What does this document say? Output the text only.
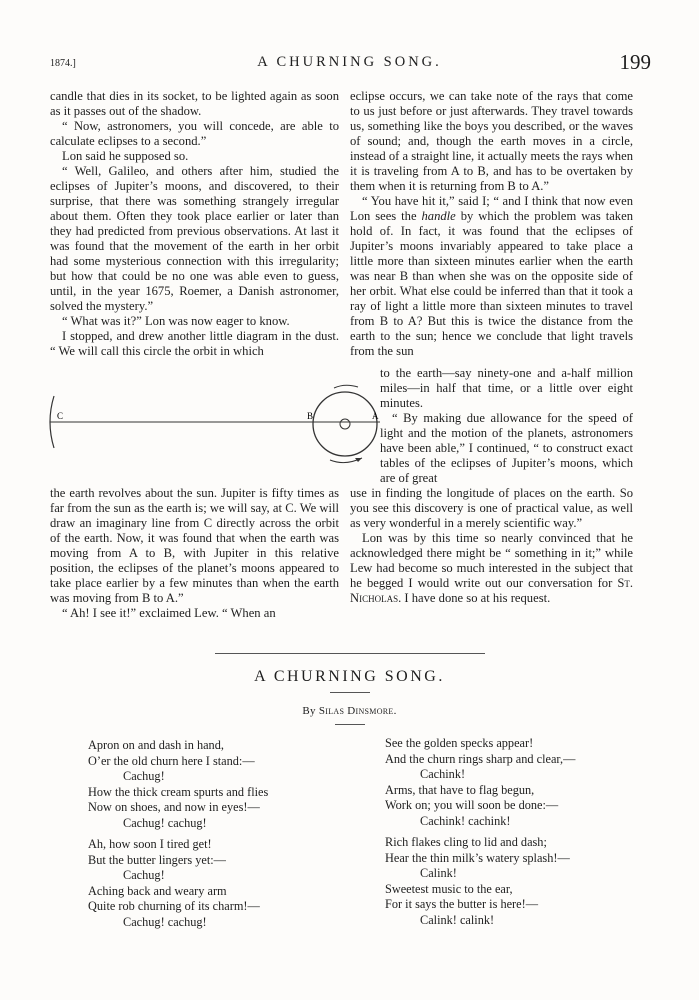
1874.]	A CHURNING SONG.	199

candle that dies in its socket, to be lighted again as soon as it passes out of the shadow.

“ Now, astronomers, you will concede, are able to calculate eclipses to a second.”

Lon said he supposed so.

“ Well, Galileo, and others after him, studied the eclipses of Jupiter’s moons, and discovered, to their surprise, that there was something strangely irregular about them. Often they took place earlier or later than they had predicted from previous observations. At last it was found that the movement of the earth in her orbit had some mysterious connection with this irregularity; but how that could be no one was able even to guess, until, in the year 1675, Roemer, a Danish astronomer, solved the mystery.”

“ What was it?” Lon was now eager to know.

I stopped, and drew another little diagram in the dust. “ We will call this circle the orbit in which

eclipse occurs, we can take note of the rays that come to us just before or just afterwards. They travel towards us, something like the boys you described, or the waves of sound; and, though the earth moves in a circle, instead of a straight line, it actually meets the rays when it is traveling from A to B, and has to be overtaken by them when it is returning from B to A.”

“ You have hit it,” said I; “ and I think that now even Lon sees the handle by which the problem was taken hold of. In fact, it was found that the eclipses of Jupiter’s moons invariably appeared to take place a little more than sixteen minutes earlier when the earth was near B than when she was on the opposite side of her orbit. What else could be inferred than that it took a ray of light a little more than sixteen minutes to travel from B to A? But this is twice the distance from the earth to the sun; hence we conclude that light travels from the sun

to the earth—say ninety-one and a-half million miles—in half that time, or a little over eight minutes.

“ By making due allowance for the speed of light and the motion of the planets, astronomers have been able,” I continued, “ to construct exact tables of the eclipses of Jupiter’s moons, which are of great

C	B	A

the earth revolves about the sun. Jupiter is fifty times as far from the sun as the earth is; we will say, at C. We will draw an imaginary line from C directly across the orbit of the earth. Now, it was found that when the earth was moving from A to B, with Jupiter in this relative position, the eclipses of the planet’s moons appeared to take place earlier by a few minutes than when the earth was moving from B to A.”

“ Ah! I see it!” exclaimed Lew. “ When an

use in finding the longitude of places on the earth. So you see this discovery is one of practical value, as well as very wonderful in a merely scientific way.”

Lon was by this time so nearly convinced that he acknowledged there might be “ something in it;” while Lew had become so much interested in the subject that he begged I would write out our conversation for St. Nicholas. I have done so at his request.

A CHURNING SONG.
By Silas Dinsmore.
Apron on and dash in hand,
O’er the old churn here I stand:—
Cachug!
How the thick cream spurts and flies
Now on shoes, and now in eyes!—
Cachug! cachug!
Ah, how soon I tired get!
But the butter lingers yet:—
Cachug!
Aching back and weary arm
Quite rob churning of its charm!—
Cachug! cachug!
See the golden specks appear!
And the churn rings sharp and clear,—
Cachink!
Arms, that have to flag begun,
Work on; you will soon be done:—
Cachink! cachink!
Rich flakes cling to lid and dash;
Hear the thin milk’s watery splash!—
Calink!
Sweetest music to the ear,
For it says the butter is here!—
Calink! calink!
